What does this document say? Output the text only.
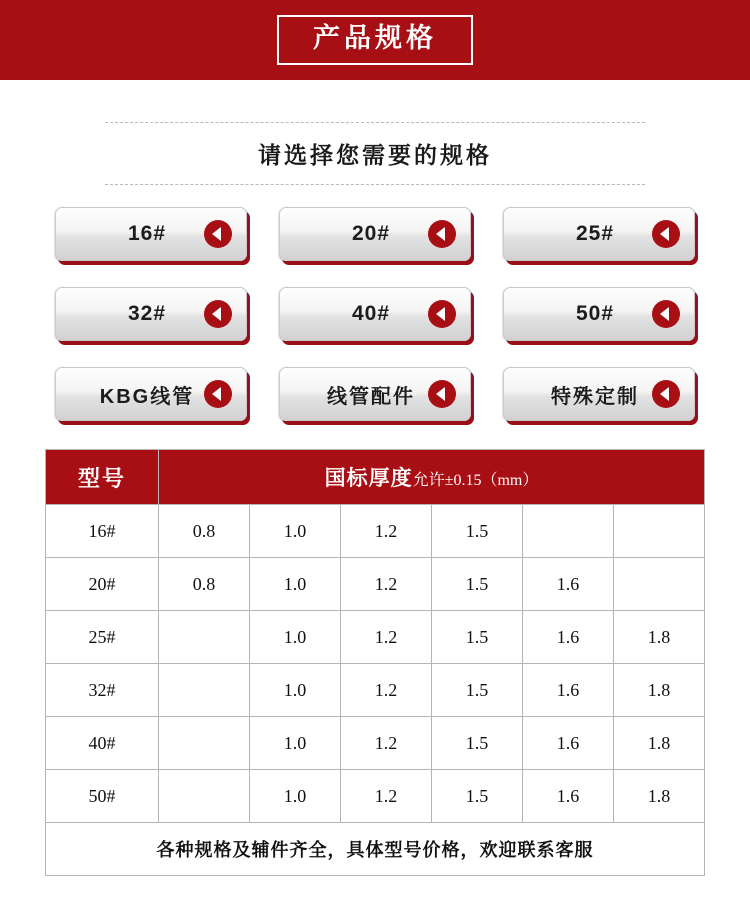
产品规格
请选择您需要的规格
16#	20#	25#
32#	40#	50#
KBG线管	线管配件	特殊定制
型号	国标厚度允许±0.15（mm）					
16#	0.8	1.0	1.2	1.5		
20#	0.8	1.0	1.2	1.5	1.6	
25#		1.0	1.2	1.5	1.6	1.8
32#		1.0	1.2	1.5	1.6	1.8
40#		1.0	1.2	1.5	1.6	1.8
50#		1.0	1.2	1.5	1.6	1.8
各种规格及辅件齐全，具体型号价格，欢迎联系客服						
